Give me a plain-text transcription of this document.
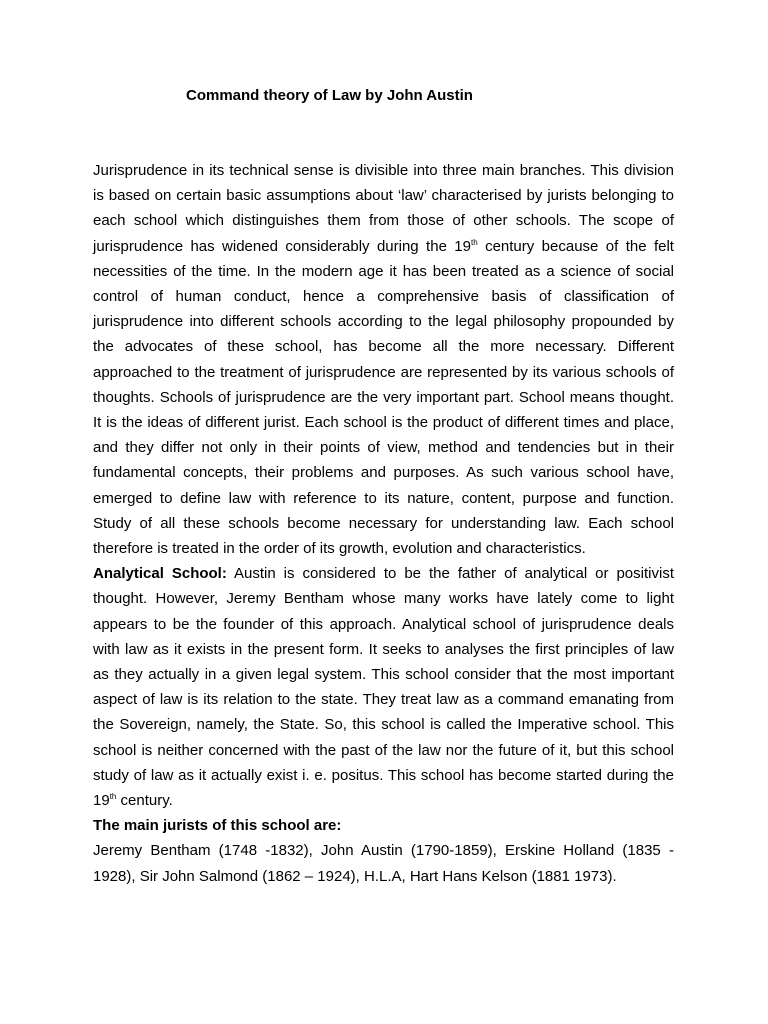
Command theory of Law by John Austin

Jurisprudence in its technical sense is divisible into three main branches. This division is based on certain basic assumptions about ‘law’ characterised by jurists belonging to each school which distinguishes them from those of other schools. The scope of jurisprudence has widened considerably during the 19th century because of the felt necessities of the time. In the modern age it has been treated as a science of social control of human conduct, hence a comprehensive basis of classification of jurisprudence into different schools according to the legal philosophy propounded by the advocates of these school, has become all the more necessary. Different approached to the treatment of jurisprudence are represented by its various schools of thoughts. Schools of jurisprudence are the very important part. School means thought. It is the ideas of different jurist. Each school is the product of different times and place, and they differ not only in their points of view, method and tendencies but in their fundamental concepts, their problems and purposes. As such various school have, emerged to define law with reference to its nature, content, purpose and function. Study of all these schools become necessary for understanding law. Each school therefore is treated in the order of its growth, evolution and characteristics.

Analytical School: Austin is considered to be the father of analytical or positivist thought. However, Jeremy Bentham whose many works have lately come to light appears to be the founder of this approach. Analytical school of jurisprudence deals with law as it exists in the present form. It seeks to analyses the first principles of law as they actually in a given legal system. This school consider that the most important aspect of law is its relation to the state. They treat law as a command emanating from the Sovereign, namely, the State. So, this school is called the Imperative school. This school is neither concerned with the past of the law nor the future of it, but this school study of law as it actually exist i. e. positus. This school has become started during the 19th century.

The main jurists of this school are:

Jeremy Bentham (1748 -1832), John Austin (1790-1859), Erskine Holland (1835 - 1928), Sir John Salmond (1862 – 1924), H.L.A, Hart Hans Kelson (1881 1973).
